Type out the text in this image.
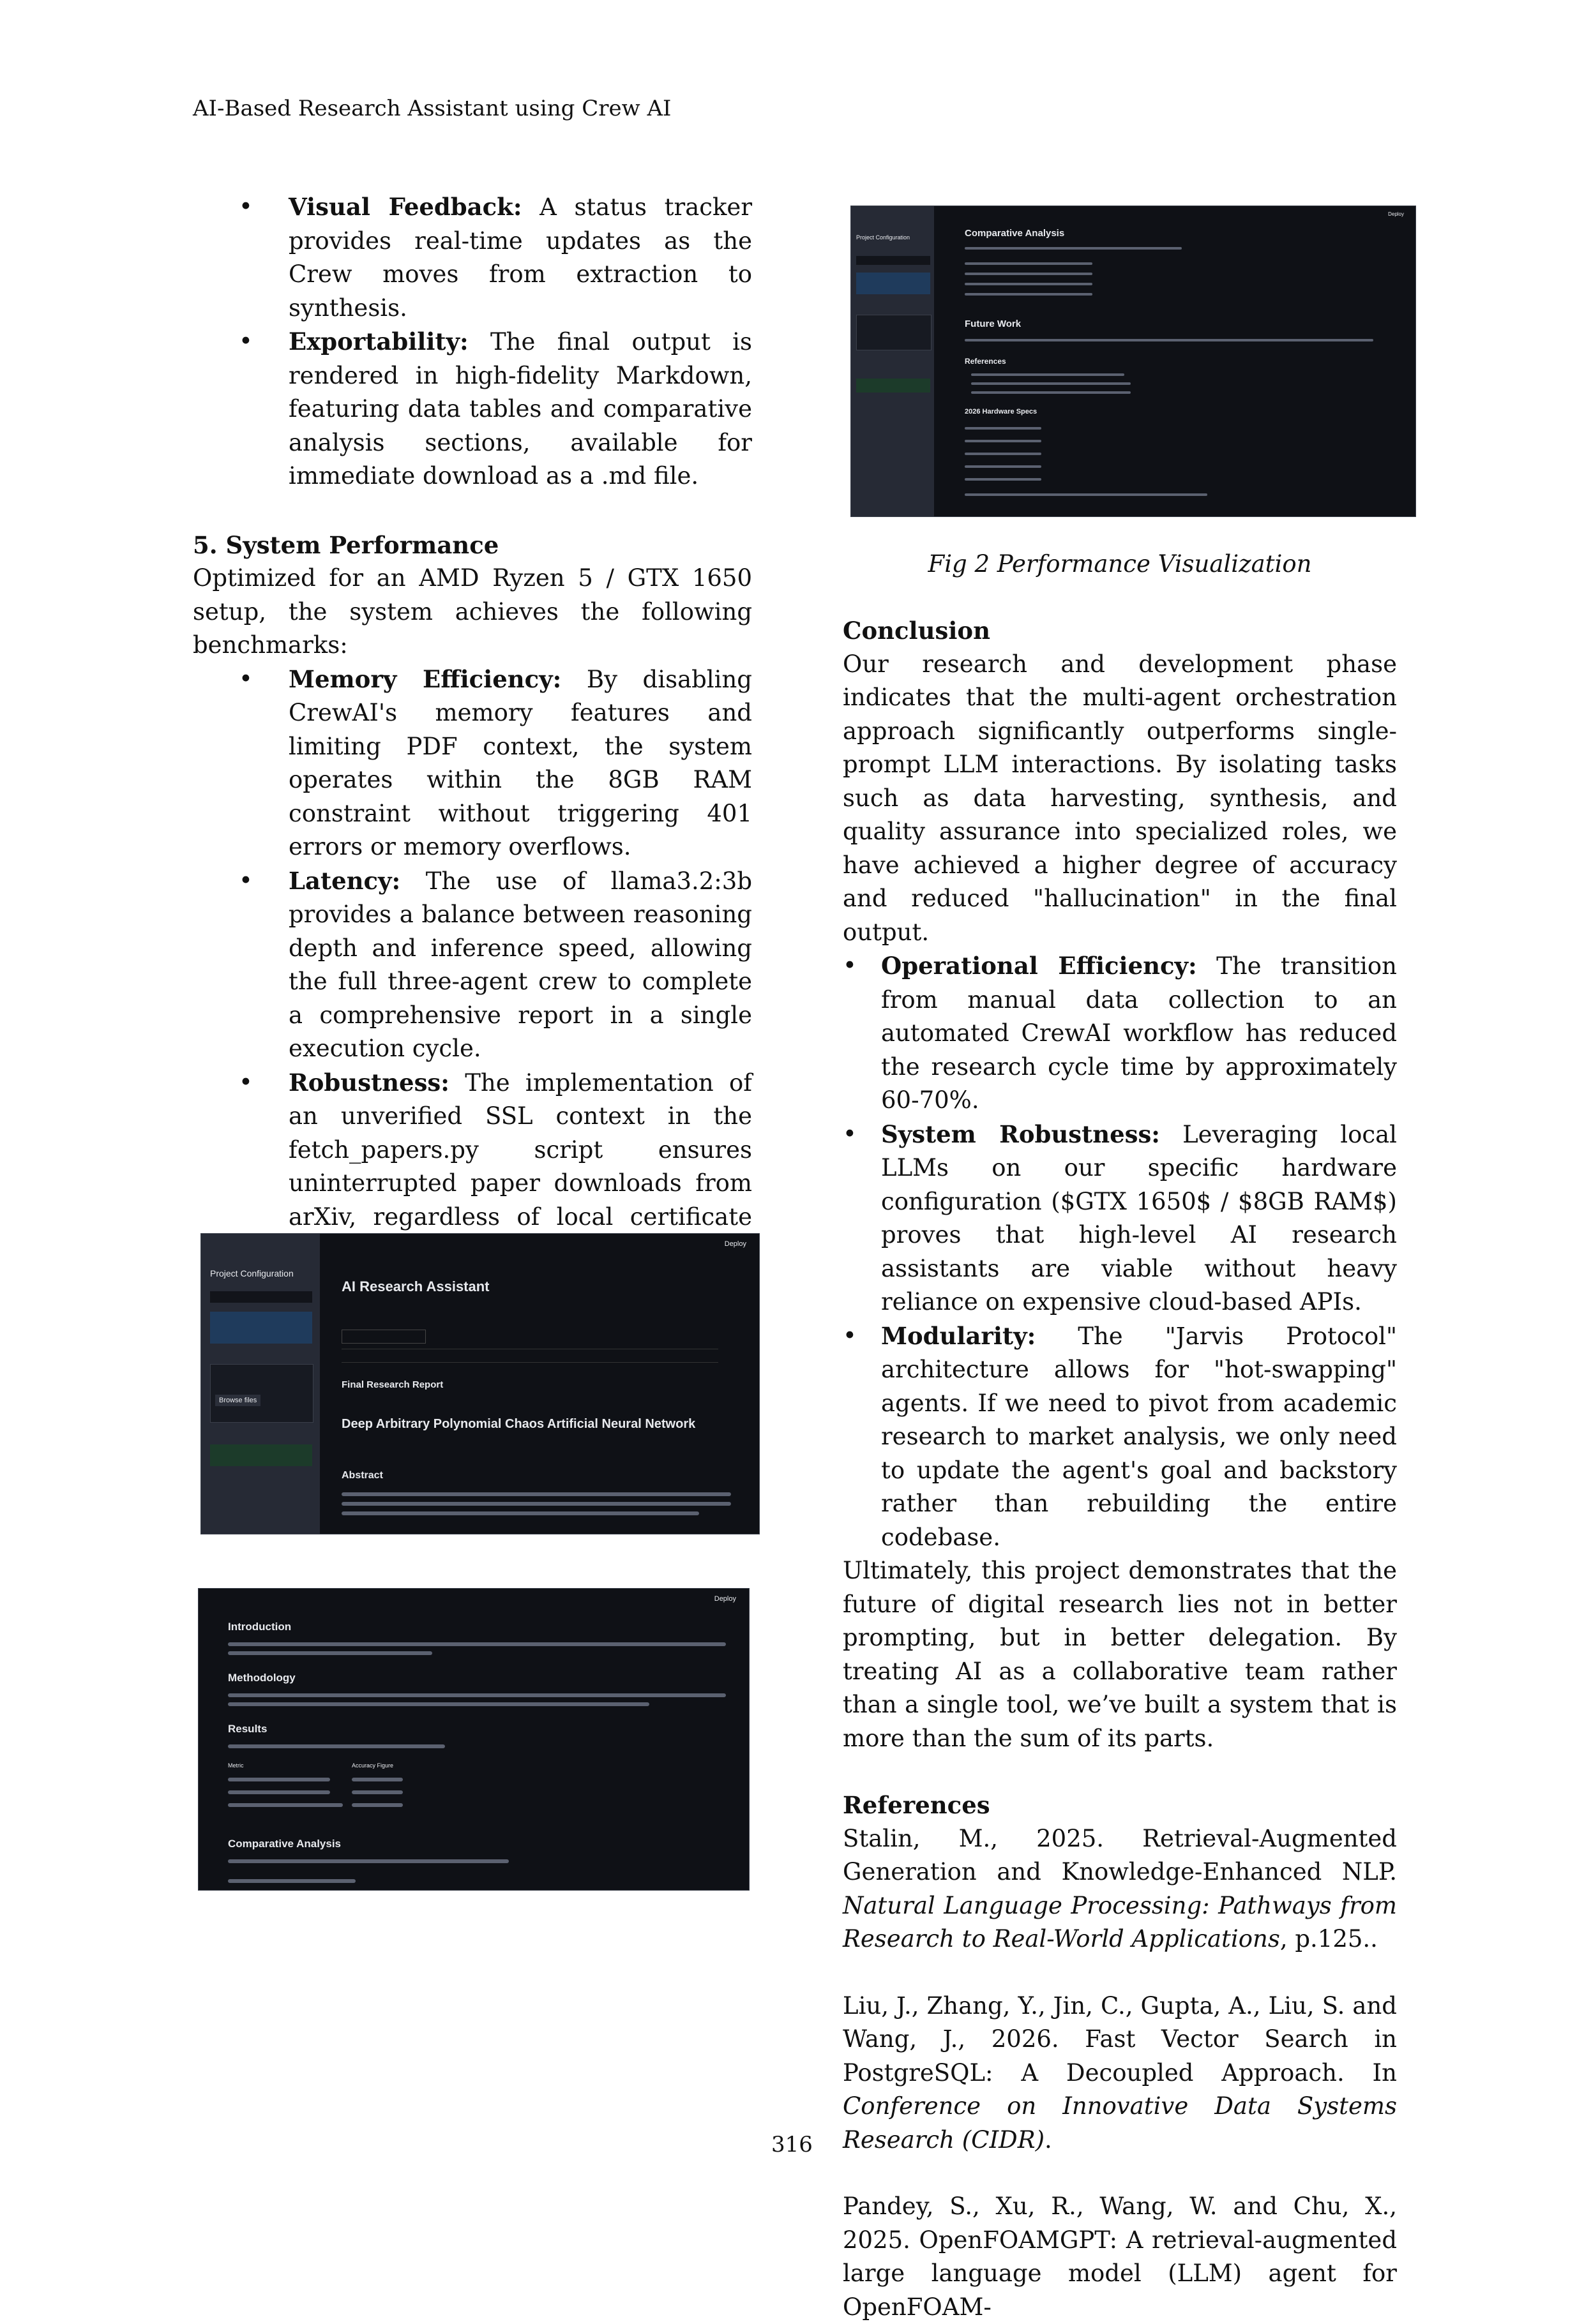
AI-Based Research Assistant using Crew AI
• Visual Feedback: A status tracker provides real-time updates as the Crew moves from extraction to synthesis.
• Exportability: The final output is rendered in high-fidelity Markdown, featuring data tables and comparative analysis sections, available for immediate download as a .md file.
5. System Performance

Optimized for an AMD Ryzen 5 / GTX 1650 setup, the system achieves the following benchmarks:

• Memory Efficiency: By disabling CrewAI's memory features and limiting PDF context, the system operates within the 8GB RAM constraint without triggering 401 errors or memory overflows.
• Latency: The use of llama3.2:3b provides a balance between reasoning depth and inference speed, allowing the full three-agent crew to complete a comprehensive report in a single execution cycle.
• Robustness: The implementation of an unverified SSL context in the fetch_papers.py script ensures uninterrupted paper downloads from arXiv, regardless of local certificate
Project Configuration
Browse files
Deploy
AI Research Assistant
Final Research Report
Deep Arbitrary Polynomial Chaos Artificial Neural Network
Abstract
Deploy
Introduction
Methodology
Results
Metric	Accuracy Figure
Comparative Analysis
Project Configuration
Deploy
Comparative Analysis
Future Work
References
2026 Hardware Specs
Fig 2 Performance Visualization
Conclusion

Our research and development phase indicates that the multi-agent orchestration approach significantly outperforms single-prompt LLM interactions. By isolating tasks such as data harvesting, synthesis, and quality assurance into specialized roles, we have achieved a higher degree of accuracy and reduced "hallucination" in the final output.

• Operational Efficiency: The transition from manual data collection to an automated CrewAI workflow has reduced the research cycle time by approximately 60-70%.
• System Robustness: Leveraging local LLMs on our specific hardware configuration ($GTX 1650$ / $8GB RAM$) proves that high-level AI research assistants are viable without heavy reliance on expensive cloud-based APIs.
• Modularity: The "Jarvis Protocol" architecture allows for "hot-swapping" agents. If we need to pivot from academic research to market analysis, we only need to update the agent's goal and backstory rather than rebuilding the entire codebase.

Ultimately, this project demonstrates that the future of digital research lies not in better prompting, but in better delegation. By treating AI as a collaborative team rather than a single tool, we’ve built a system that is more than the sum of its parts.

References

Stalin, M., 2025. Retrieval-Augmented Generation and Knowledge-Enhanced NLP. Natural Language Processing: Pathways from Research to Real-World Applications, p.125..

Liu, J., Zhang, Y., Jin, C., Gupta, A., Liu, S. and Wang, J., 2026. Fast Vector Search in PostgreSQL: A Decoupled Approach. In Conference on Innovative Data Systems Research (CIDR).

Pandey, S., Xu, R., Wang, W. and Chu, X., 2025. OpenFOAMGPT: A retrieval-augmented large language model (LLM) agent for OpenFOAM-

316
